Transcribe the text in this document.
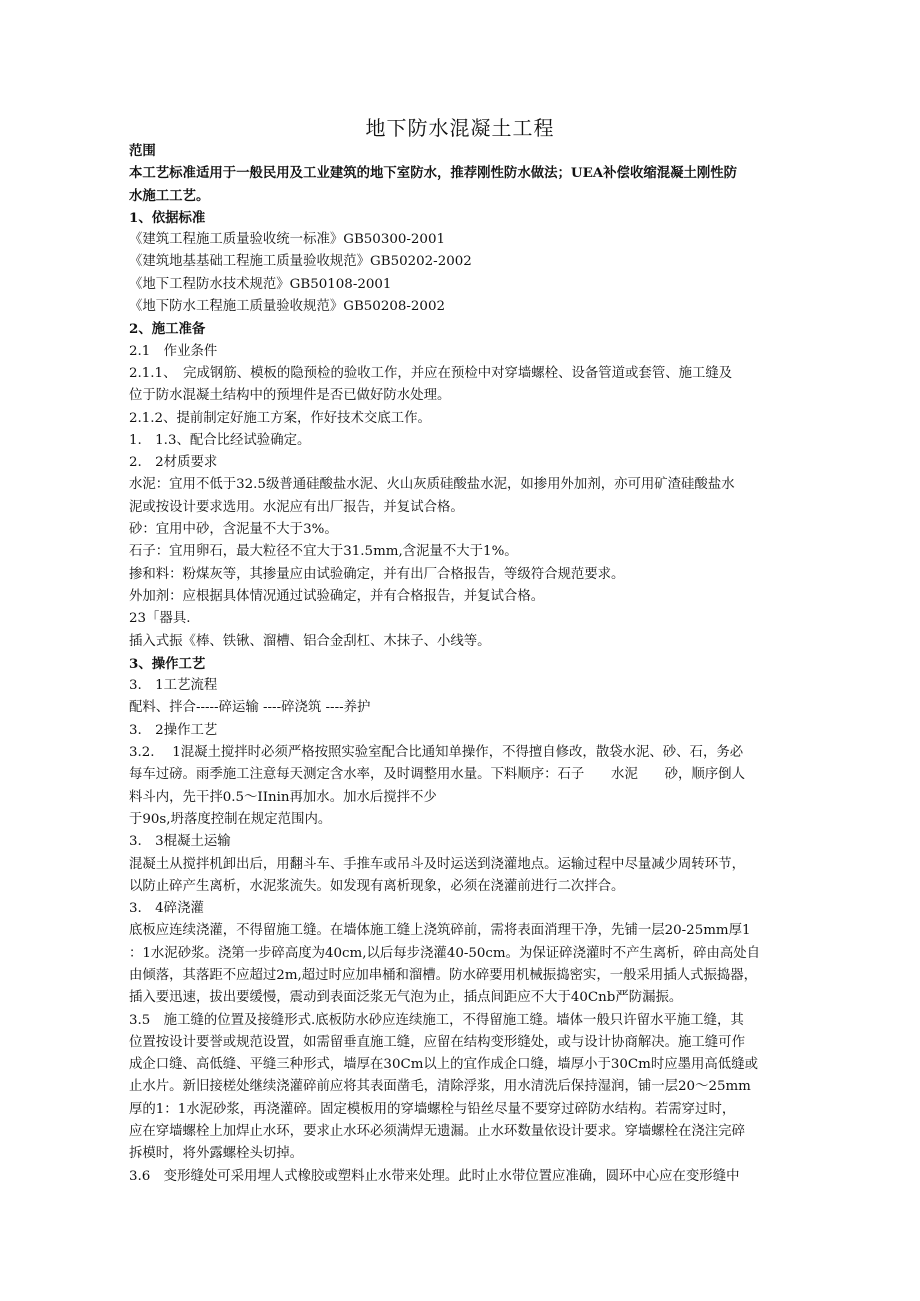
地下防水混凝土工程

范围

本工艺标准适用于一般民用及工业建筑的地下室防水，推荐刚性防水做法；UEA补偿收缩混凝土刚性防

水施工工艺。

1、依据标准

《建筑工程施工质量验收统一标准》GB50300-2001

《建筑地基基础工程施工质量验收规范》GB50202-2002

《地下工程防水技术规范》GB50108-2001

《地下防水工程施工质量验收规范》GB50208-2002

2、施工准备

2.1　作业条件

2.1.1、　完成钢筋、模板的隐预检的验收工作，并应在预检中对穿墙螺栓、设备管道或套管、施工缝及

位于防水混凝土结构中的预埋件是否已做好防水处理。

2.1.2、提前制定好施工方案，作好技术交底工作。

1.　1.3、配合比经试验确定。

2.　2材质要求

水泥：宜用不低于32.5级普通硅酸盐水泥、火山灰质硅酸盐水泥，如掺用外加剂，亦可用矿渣硅酸盐水

泥或按设计要求选用。水泥应有出厂报告，并复试合格。

砂：宜用中砂，含泥量不大于3%。

石子：宜用卵石，最大粒径不宜大于31.5mm,含泥量不大于1%。

掺和料：粉煤灰等，其掺量应由试验确定，并有出厂合格报告，等级符合规范要求。

外加剂：应根据具体情况通过试验确定，并有合格报告，并复试合格。

23「器具.

插入式振《棒、铁锹、溜槽、铝合金刮杠、木抹子、小线等。

3、操作工艺

3.　1工艺流程

配料、拌合-----碎运输 ----碎浇筑 ----养护

3.　2操作工艺

3.2.　 1混凝土搅拌时必须严格按照实验室配合比通知单操作，不得擅自修改，散袋水泥、砂、石，务必

每车过磅。雨季施工注意每天测定含水率，及时调整用水量。下料顺序：石子　　水泥　　砂，顺序倒人

料斗内，先干拌0.5～IInin再加水。加水后搅拌不少

于90s,坍落度控制在规定范围内。

3.　3棍凝土运输

混凝土从搅拌机卸出后，用翻斗车、手推车或吊斗及时运送到浇灌地点。运输过程中尽量减少周转环节，

以防止碎产生离析，水泥浆流失。如发现有离析现象，必须在浇灌前进行二次拌合。

3.　4碎浇灌

底板应连续浇灌，不得留施工缝。在墙体施工缝上浇筑碎前，需将表面消理干净，先铺一层20-25mm厚1

：1水泥砂浆。浇第一步碎高度为40cm,以后每步浇灌40-50cm。为保证碎浇灌时不产生离析，碎由高处自

由倾落，其落距不应超过2m,超过时应加串桶和溜槽。防水碎要用机械振捣密实，一般采用插人式振捣器，

插入要迅速，拔出要缓慢，震动到表面泛浆无气泡为止，插点间距应不大于40Cnb严防漏振。

3.5　施工缝的位置及接缝形式.底板防水砂应连续施工，不得留施工缝。墙体一般只许留水平施工缝，其

位置按设计要誉或规范设置，如需留垂直施工缝，应留在结构变形缝处，或与设计协商解决。施工缝可作

成企口缝、高低缝、平缝三种形式，墙厚在30Cm以上的宜作成企口缝，墙厚小于30Cm时应墨用高低缝或

止水片。新旧接槎处继续浇灌碎前应将其表面凿毛，清除浮浆，用水清洗后保持湿润，铺一层20～25mm

厚的1：1水泥砂浆，再浇灌碎。固定模板用的穿墙螺栓与铅丝尽量不要穿过碎防水结构。若需穿过时，

应在穿墙螺栓上加焊止水环，要求止水环必须满焊无遗漏。止水环数量依设计要求。穿墙螺栓在浇注完碎

拆模时，将外露螺栓头切掉。

3.6　变形缝处可采用埋人式橡胶或塑料止水带来处理。此时止水带位置应准确，圆环中心应在变形缝中
